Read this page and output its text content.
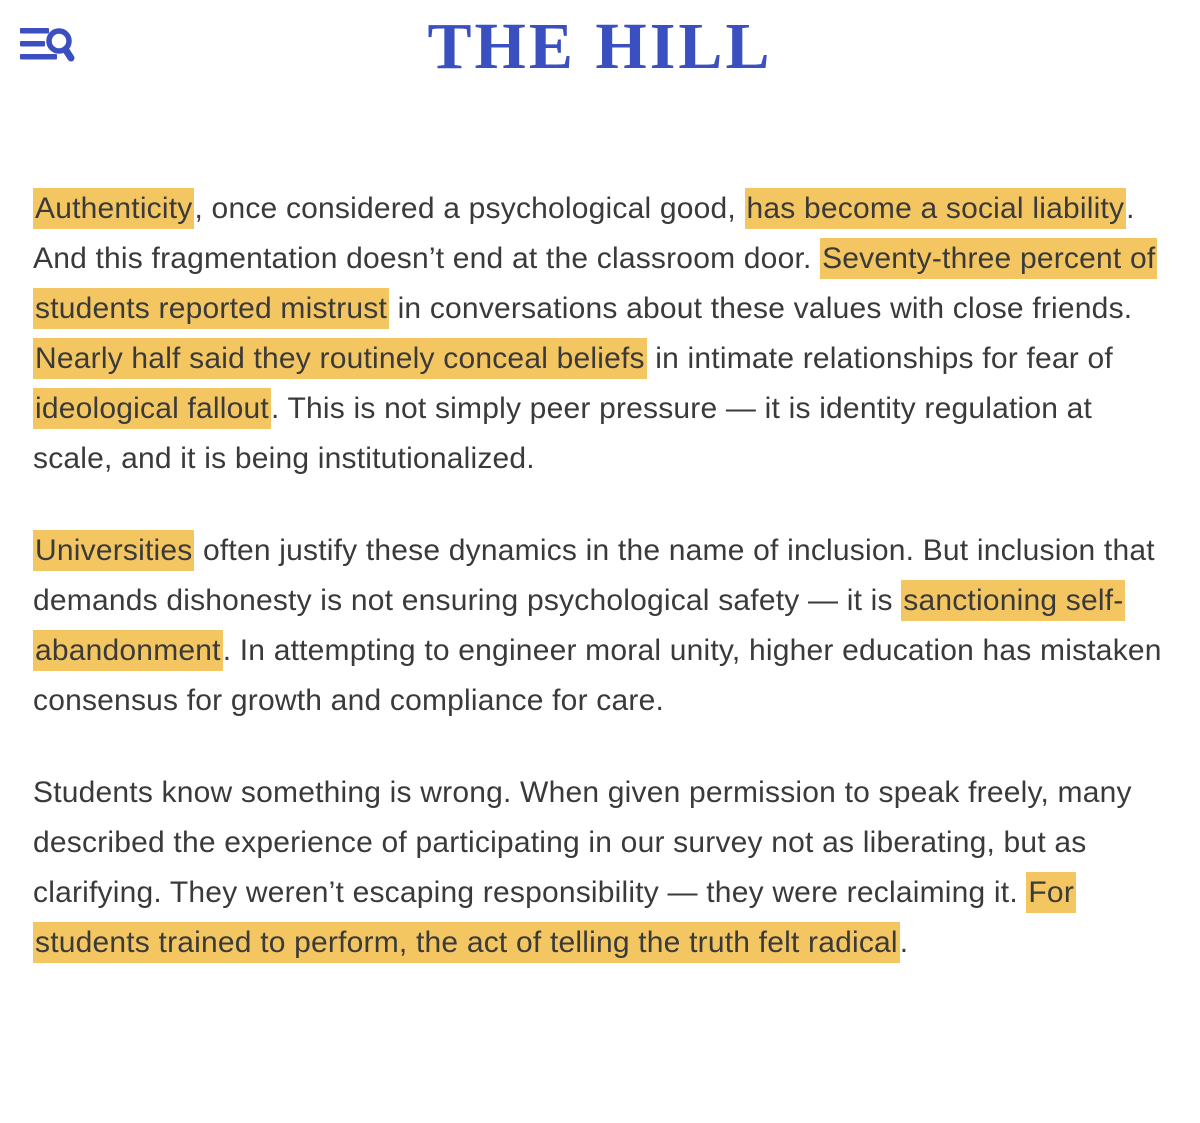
THE HILL

Authenticity, once considered a psychological good, has become a social liability. And this fragmentation doesn’t end at the classroom door. Seventy-three percent of students reported mistrust in conversations about these values with close friends. Nearly half said they routinely conceal beliefs in intimate relationships for fear of ideological fallout. This is not simply peer pressure — it is identity regulation at scale, and it is being institutionalized.

Universities often justify these dynamics in the name of inclusion. But inclusion that demands dishonesty is not ensuring psychological safety — it is sanctioning self-abandonment. In attempting to engineer moral unity, higher education has mistaken consensus for growth and compliance for care.

Students know something is wrong. When given permission to speak freely, many described the experience of participating in our survey not as liberating, but as clarifying. They weren’t escaping responsibility — they were reclaiming it. For students trained to perform, the act of telling the truth felt radical.
